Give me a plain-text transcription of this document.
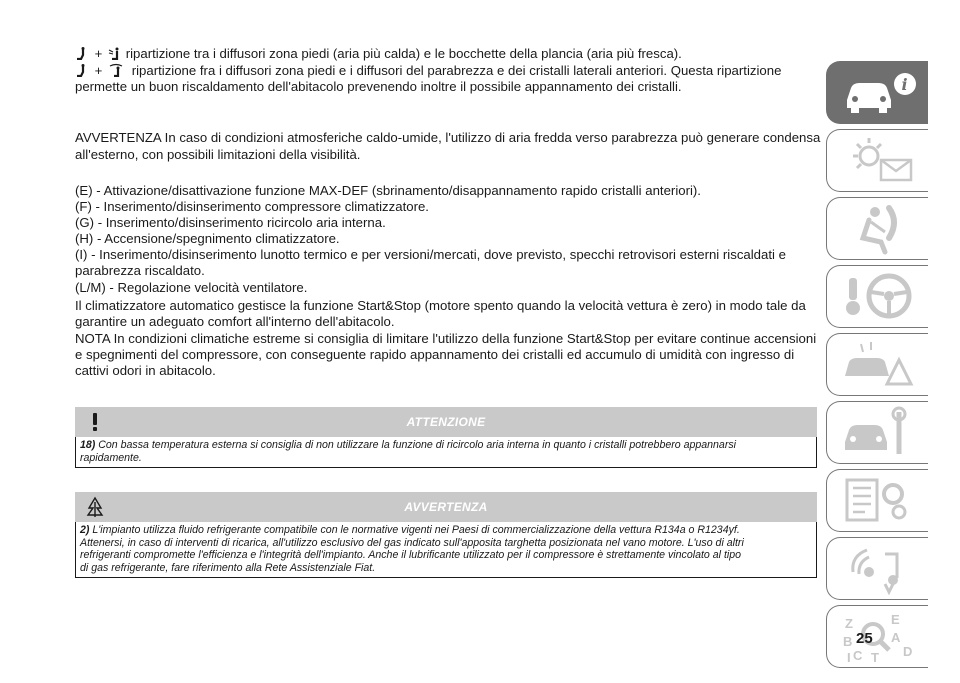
+ ripartizione tra i diffusori zona piedi (aria più calda) e le bocchette della plancia (aria più fresca).
+ ripartizione fra i diffusori zona piedi e i diffusori del parabrezza e dei cristalli laterali anteriori. Questa ripartizione
permette un buon riscaldamento dell'abitacolo prevenendo inoltre il possibile appannamento dei cristalli.
AVVERTENZA In caso di condizioni atmosferiche caldo-umide, l'utilizzo di aria fredda verso parabrezza può generare condensa
all'esterno, con possibili limitazioni della visibilità.
(E) - Attivazione/disattivazione funzione MAX-DEF (sbrinamento/disappannamento rapido cristalli anteriori).
(F) - Inserimento/disinserimento compressore climatizzatore.
(G) - Inserimento/disinserimento ricircolo aria interna.
(H) - Accensione/spegnimento climatizzatore.
(I) - Inserimento/disinserimento lunotto termico e per versioni/mercati, dove previsto, specchi retrovisori esterni riscaldati e
parabrezza riscaldato.
(L/M) - Regolazione velocità ventilatore.
Il climatizzatore automatico gestisce la funzione Start&Stop (motore spento quando la velocità vettura è zero) in modo tale da
garantire un adeguato comfort all'interno dell'abitacolo.
NOTA In condizioni climatiche estreme si consiglia di limitare l'utilizzo della funzione Start&Stop per evitare continue accensioni
e spegnimenti del compressore, con conseguente rapido appannamento dei cristalli ed accumulo di umidità con ingresso di
cattivi odori in abitacolo.
ATTENZIONE
18) Con bassa temperatura esterna si consiglia di non utilizzare la funzione di ricircolo aria interna in quanto i cristalli potrebbero appannarsi
rapidamente.
AVVERTENZA
2) L'impianto utilizza fluido refrigerante compatibile con le normative vigenti nei Paesi di commercializzazione della vettura R134a o R1234yf.
Attenersi, in caso di interventi di ricarica, all'utilizzo esclusivo del gas indicato sull'apposita targhetta posizionata nel vano motore. L'uso di altri
refrigeranti compromette l'efficienza e l'integrità dell'impianto. Anche il lubrificante utilizzato per il compressore è strettamente vincolato al tipo
di gas refrigerante, fare riferimento alla Rete Assistenziale Fiat.
i
Z	E
B	A
C T D
I
25
